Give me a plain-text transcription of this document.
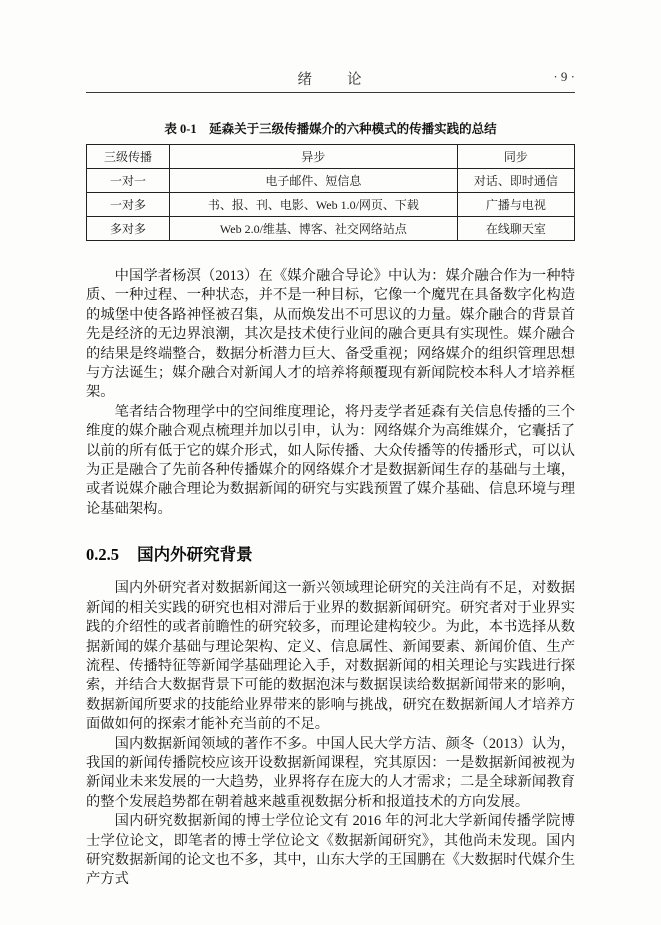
绪　　论	· 9 ·
表 0-1　延森关于三级传播媒介的六种模式的传播实践的总结
三级传播	异步	同步
一对一	电子邮件、短信息	对话、即时通信
一对多	书、报、刊、电影、Web 1.0/网页、下载	广播与电视
多对多	Web 2.0/维基、博客、社交网络站点	在线聊天室

中国学者杨溟（2013）在《媒介融合导论》中认为：媒介融合作为一种特质、一种过程、一种状态，并不是一种目标，它像一个魔咒在具备数字化构造的城堡中使各路神怪被召集，从而焕发出不可思议的力量。媒介融合的背景首先是经济的无边界浪潮，其次是技术使行业间的融合更具有实现性。媒介融合的结果是终端整合，数据分析潜力巨大、备受重视；网络媒介的组织管理思想与方法诞生；媒介融合对新闻人才的培养将颠覆现有新闻院校本科人才培养框架。

笔者结合物理学中的空间维度理论，将丹麦学者延森有关信息传播的三个维度的媒介融合观点梳理并加以引申，认为：网络媒介为高维媒介，它囊括了以前的所有低于它的媒介形式，如人际传播、大众传播等的传播形式，可以认为正是融合了先前各种传播媒介的网络媒介才是数据新闻生存的基础与土壤，或者说媒介融合理论为数据新闻的研究与实践预置了媒介基础、信息环境与理论基础架构。

0.2.5 国内外研究背景

国内外研究者对数据新闻这一新兴领域理论研究的关注尚有不足，对数据新闻的相关实践的研究也相对滞后于业界的数据新闻研究。研究者对于业界实践的介绍性的或者前瞻性的研究较多，而理论建构较少。为此，本书选择从数据新闻的媒介基础与理论架构、定义、信息属性、新闻要素、新闻价值、生产流程、传播特征等新闻学基础理论入手，对数据新闻的相关理论与实践进行探索，并结合大数据背景下可能的数据泡沫与数据误读给数据新闻带来的影响，数据新闻所要求的技能给业界带来的影响与挑战，研究在数据新闻人才培养方面做如何的探索才能补充当前的不足。

国内数据新闻领域的著作不多。中国人民大学方洁、颜冬（2013）认为，我国的新闻传播院校应该开设数据新闻课程，究其原因：一是数据新闻被视为新闻业未来发展的一大趋势，业界将存在庞大的人才需求；二是全球新闻教育的整个发展趋势都在朝着越来越重视数据分析和报道技术的方向发展。

国内研究数据新闻的博士学位论文有 2016 年的河北大学新闻传播学院博士学位论文，即笔者的博士学位论文《数据新闻研究》，其他尚未发现。国内研究数据新闻的论文也不多，其中，山东大学的王国鹏在《大数据时代媒介生产方式
